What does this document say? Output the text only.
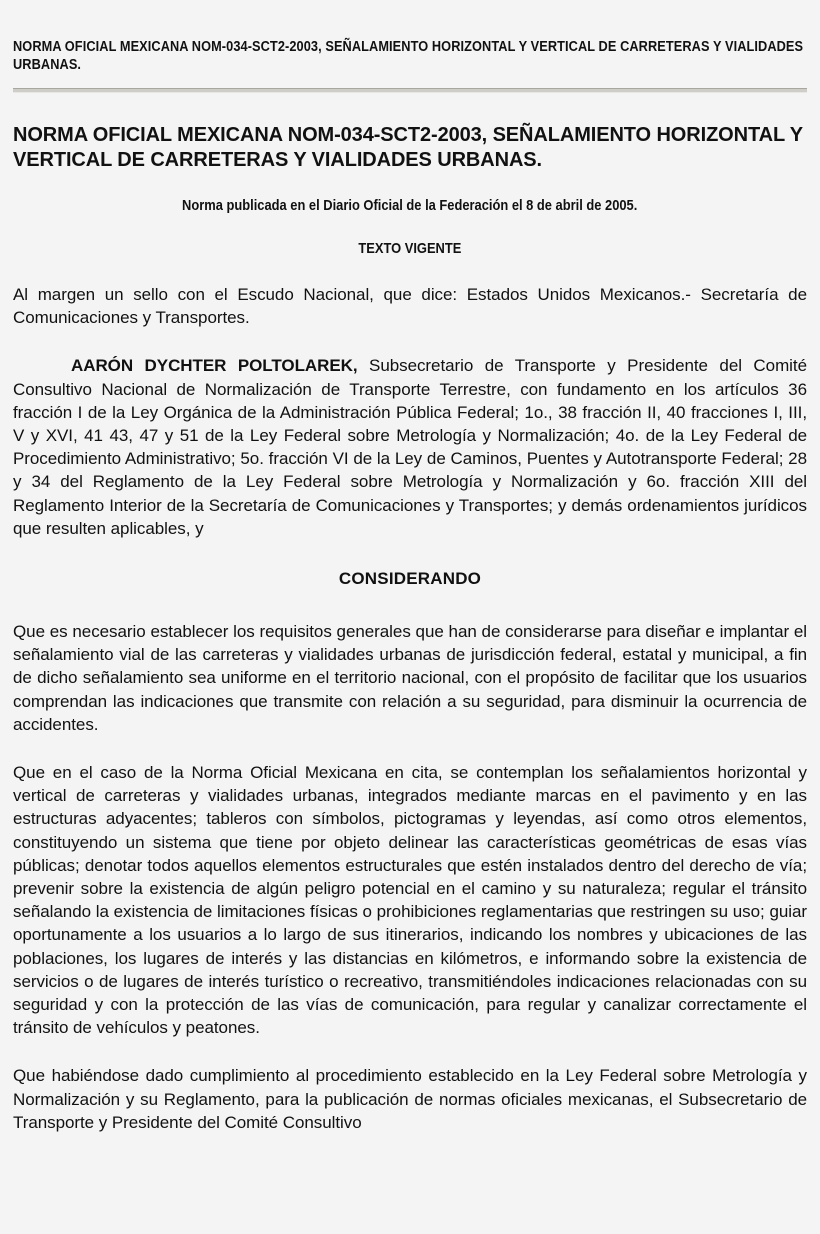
NORMA OFICIAL MEXICANA NOM-034-SCT2-2003, SEÑALAMIENTO HORIZONTAL Y VERTICAL DE CARRETERAS Y VIALIDADES URBANAS.
NORMA OFICIAL MEXICANA NOM-034-SCT2-2003, SEÑALAMIENTO HORIZONTAL Y VERTICAL DE CARRETERAS Y VIALIDADES URBANAS.
Norma publicada en el Diario Oficial de la Federación el 8 de abril de 2005.
TEXTO VIGENTE

Al margen un sello con el Escudo Nacional, que dice: Estados Unidos Mexicanos.- Secretaría de Comunicaciones y Transportes.

AARÓN DYCHTER POLTOLAREK, Subsecretario de Transporte y Presidente del Comité Consultivo Nacional de Normalización de Transporte Terrestre, con fundamento en los artículos 36 fracción I de la Ley Orgánica de la Administración Pública Federal; 1o., 38 fracción II, 40 fracciones I, III, V y XVI, 41 43, 47 y 51 de la Ley Federal sobre Metrología y Normalización; 4o. de la Ley Federal de Procedimiento Administrativo; 5o. fracción VI de la Ley de Caminos, Puentes y Autotransporte Federal; 28 y 34 del Reglamento de la Ley Federal sobre Metrología y Normalización y 6o. fracción XIII del Reglamento Interior de la Secretaría de Comunicaciones y Transportes; y demás ordenamientos jurídicos que resulten aplicables, y

CONSIDERANDO

Que es necesario establecer los requisitos generales que han de considerarse para diseñar e implantar el señalamiento vial de las carreteras y vialidades urbanas de jurisdicción federal, estatal y municipal, a fin de dicho señalamiento sea uniforme en el territorio nacional, con el propósito de facilitar que los usuarios comprendan las indicaciones que transmite con relación a su seguridad, para disminuir la ocurrencia de accidentes.

Que en el caso de la Norma Oficial Mexicana en cita, se contemplan los señalamientos horizontal y vertical de carreteras y vialidades urbanas, integrados mediante marcas en el pavimento y en las estructuras adyacentes; tableros con símbolos, pictogramas y leyendas, así como otros elementos, constituyendo un sistema que tiene por objeto delinear las características geométricas de esas vías públicas; denotar todos aquellos elementos estructurales que estén instalados dentro del derecho de vía; prevenir sobre la existencia de algún peligro potencial en el camino y su naturaleza; regular el tránsito señalando la existencia de limitaciones físicas o prohibiciones reglamentarias que restringen su uso; guiar oportunamente a los usuarios a lo largo de sus itinerarios, indicando los nombres y ubicaciones de las poblaciones, los lugares de interés y las distancias en kilómetros, e informando sobre la existencia de servicios o de lugares de interés turístico o recreativo, transmitiéndoles indicaciones relacionadas con su seguridad y con la protección de las vías de comunicación, para regular y canalizar correctamente el tránsito de vehículos y peatones.

Que habiéndose dado cumplimiento al procedimiento establecido en la Ley Federal sobre Metrología y Normalización y su Reglamento, para la publicación de normas oficiales mexicanas, el Subsecretario de Transporte y Presidente del Comité Consultivo
